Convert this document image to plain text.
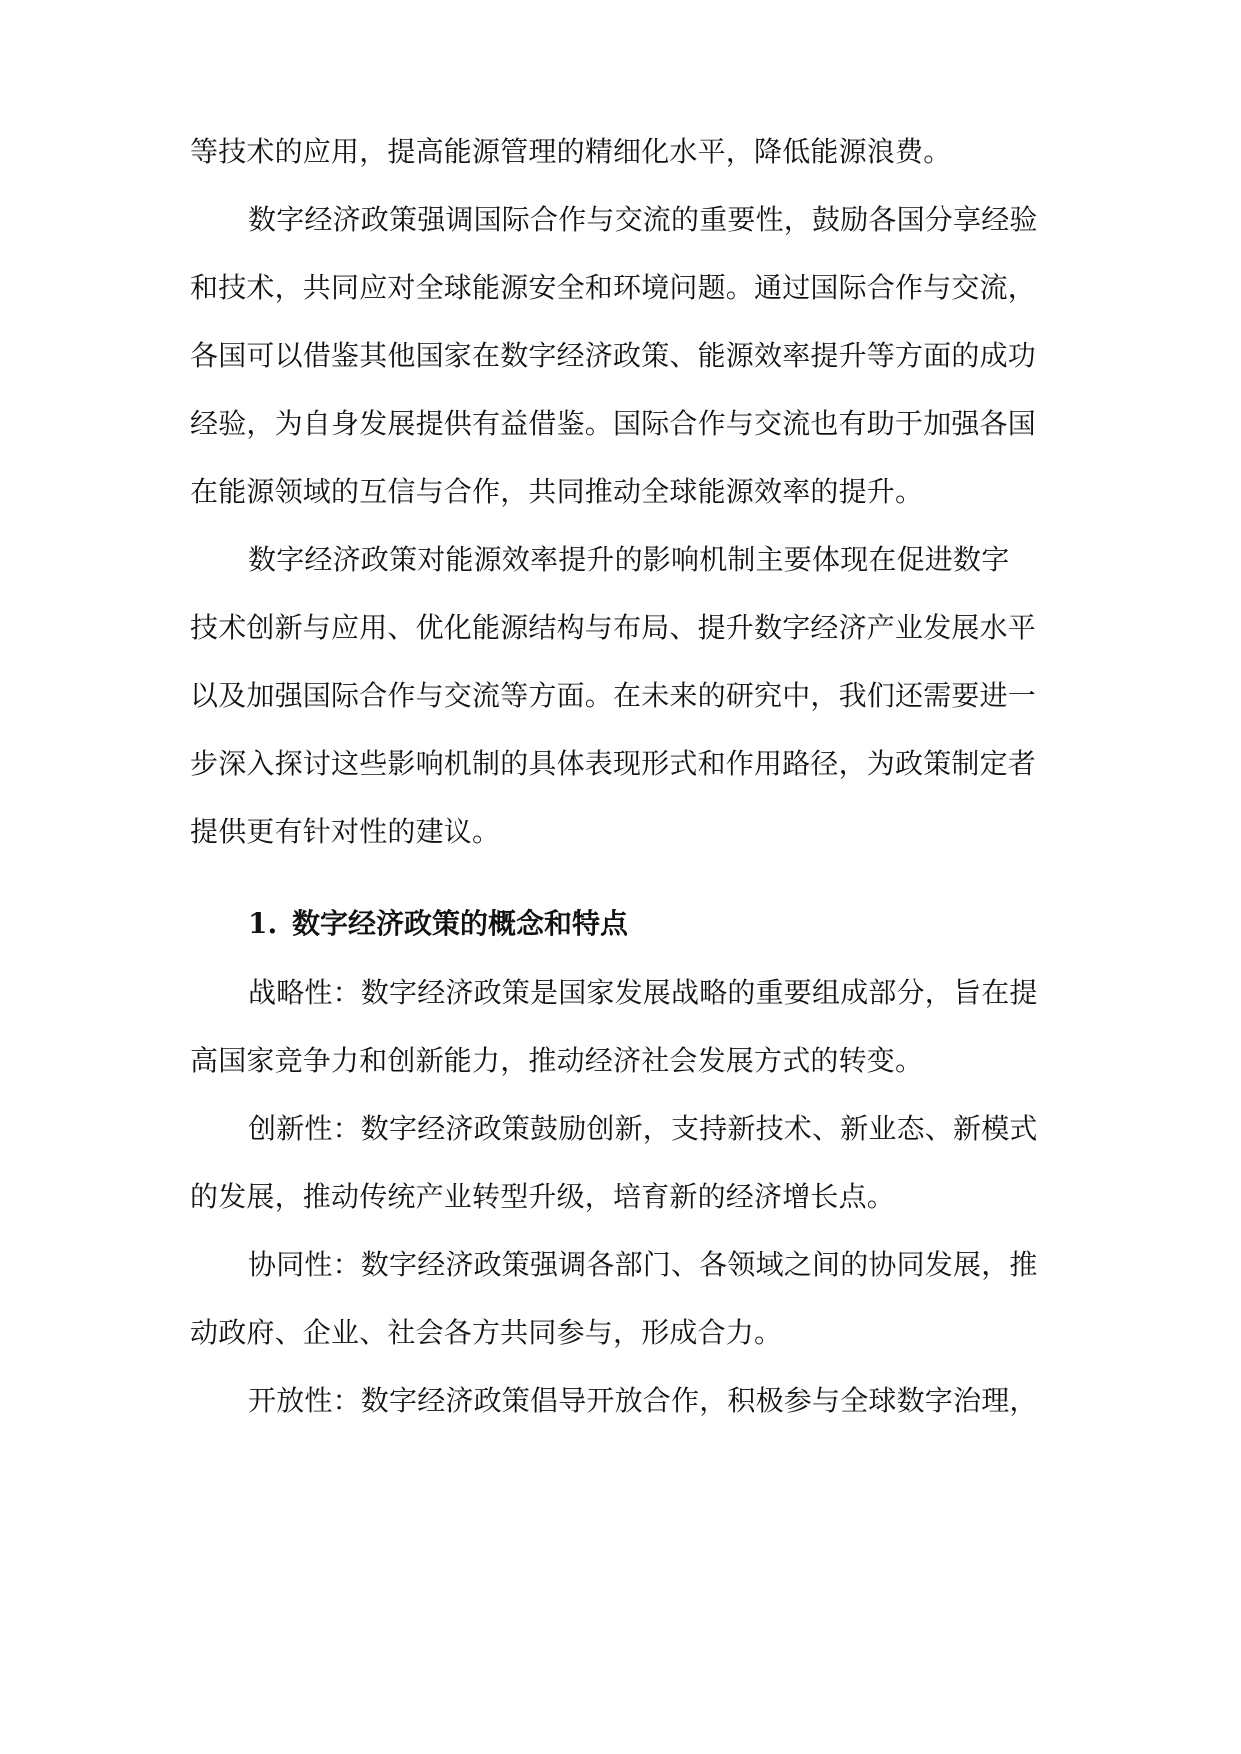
等技术的应用，提高能源管理的精细化水平，降低能源浪费。
数字经济政策强调国际合作与交流的重要性，鼓励各国分享经验
和技术，共同应对全球能源安全和环境问题。通过国际合作与交流，
各国可以借鉴其他国家在数字经济政策、能源效率提升等方面的成功
经验，为自身发展提供有益借鉴。国际合作与交流也有助于加强各国
在能源领域的互信与合作，共同推动全球能源效率的提升。
数字经济政策对能源效率提升的影响机制主要体现在促进数字
技术创新与应用、优化能源结构与布局、提升数字经济产业发展水平
以及加强国际合作与交流等方面。在未来的研究中，我们还需要进一
步深入探讨这些影响机制的具体表现形式和作用路径，为政策制定者
提供更有针对性的建议。
1. 数字经济政策的概念和特点
战略性：数字经济政策是国家发展战略的重要组成部分，旨在提
高国家竞争力和创新能力，推动经济社会发展方式的转变。
创新性：数字经济政策鼓励创新，支持新技术、新业态、新模式
的发展，推动传统产业转型升级，培育新的经济增长点。
协同性：数字经济政策强调各部门、各领域之间的协同发展，推
动政府、企业、社会各方共同参与，形成合力。
开放性：数字经济政策倡导开放合作，积极参与全球数字治理，
